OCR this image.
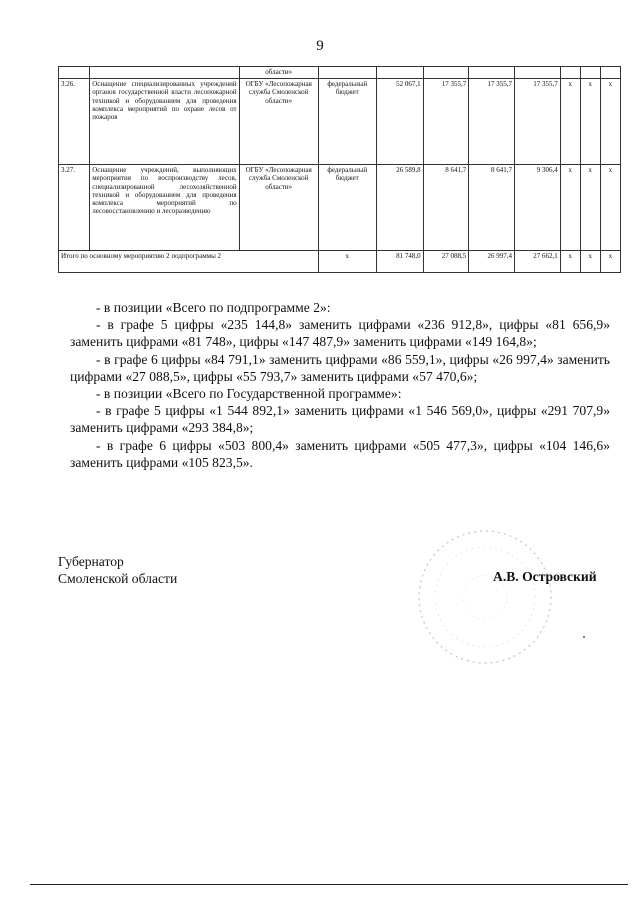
9
		области»								
3.26.	Оснащение специализированных учреждений органов государственной власти лесопожарной техникой и оборудованием для проведения комплекса мероприятий по охране лесов от пожаров	ОГБУ «Лесопожарная служба Смоленской области»	федеральный бюджет	52 067,1	17 355,7	17 355,7	17 355,7	x	x	x
3.27.	Оснащение учреждений, выполняющих мероприятия по воспроизводству лесов, специализированной лесохозяйственной техникой и оборудованием для проведения комплекса мероприятий по лесовосстановлению и лесоразведению	ОГБУ «Лесопожарная служба Смоленской области»	федеральный бюджет	26 589,8	8 641,7	8 641,7	9 306,4	x	x	x
Итого по основному мероприятию 2 подпрограммы 2			x	81 748,0	27 088,5	26 997,4	27 662,1	x	x	x

- в позиции «Всего по подпрограмме 2»:

- в графе 5 цифры «235 144,8» заменить цифрами «236 912,8», цифры «81 656,9» заменить цифрами «81 748», цифры «147 487,9» заменить цифрами «149 164,8»;

- в графе 6 цифры «84 791,1» заменить цифрами «86 559,1», цифры «26 997,4» заменить цифрами «27 088,5», цифры «55 793,7» заменить цифрами «57 470,6»;

- в позиции «Всего по Государственной программе»:

- в графе 5 цифры «1 544 892,1» заменить цифрами «1 546 569,0», цифры «291 707,9» заменить цифрами «293 384,8»;

- в графе 6 цифры «503 800,4» заменить цифрами «505 477,3», цифры «104 146,6» заменить цифрами «105 823,5».

Губернатор
Смоленской области	А.В. Островский
